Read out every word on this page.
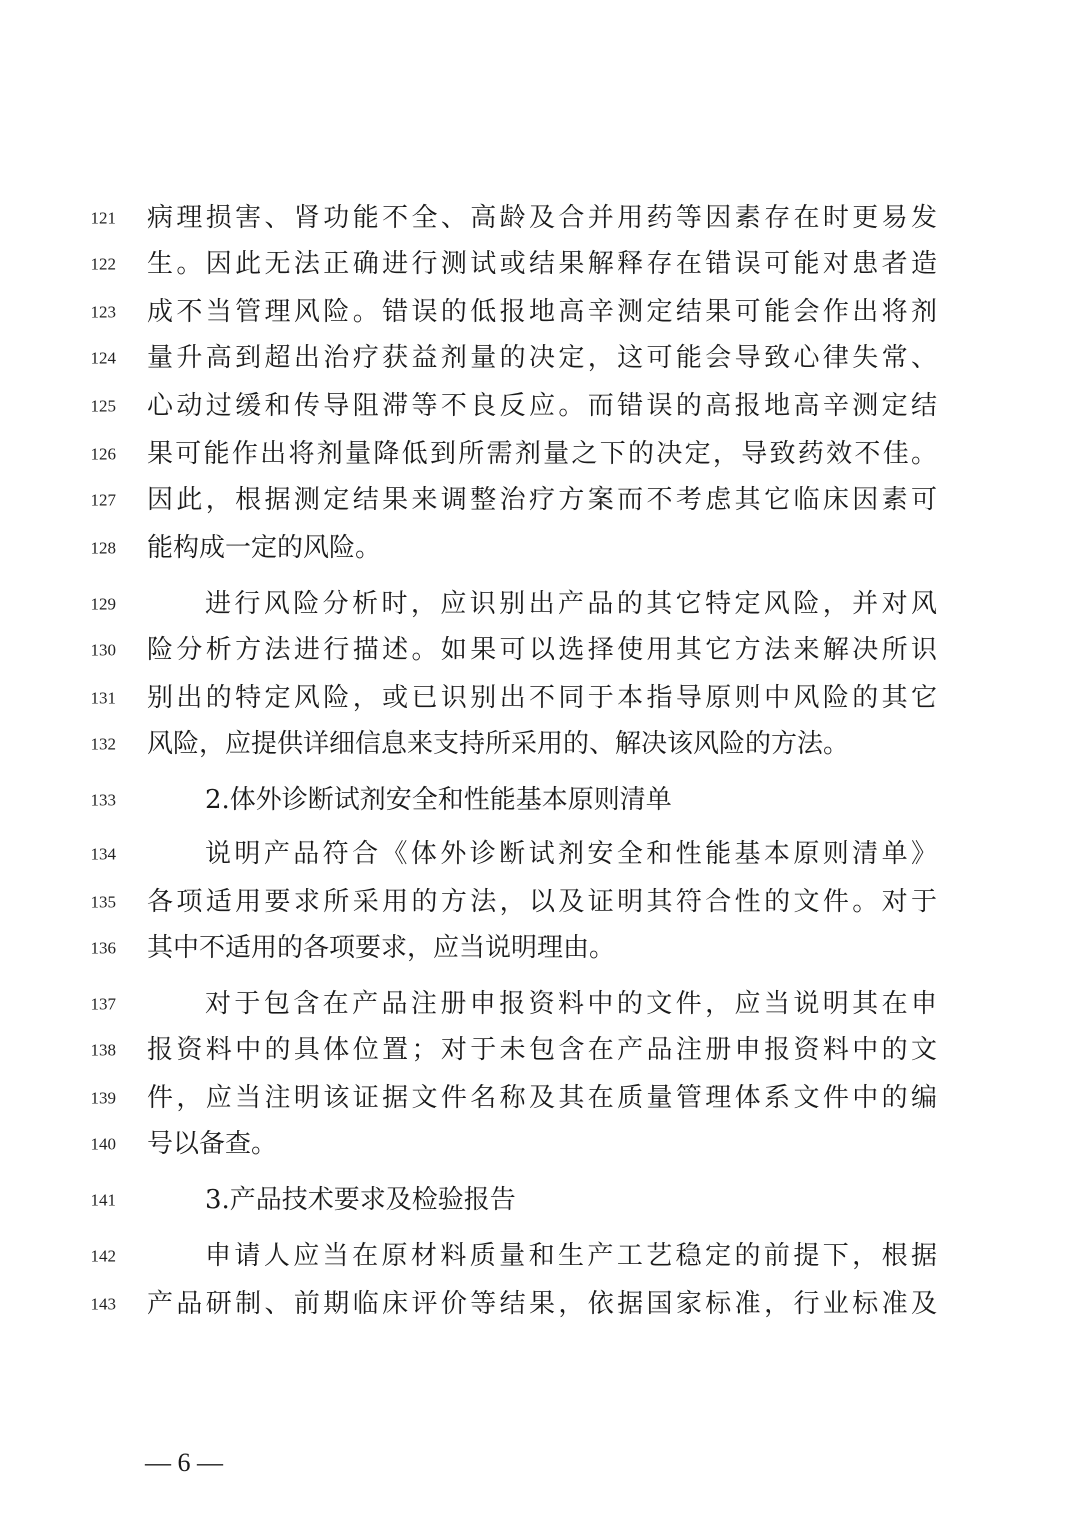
121 病理损害、肾功能不全、高龄及合并用药等因素存在时更易发
122 生。因此无法正确进行测试或结果解释存在错误可能对患者造
123 成不当管理风险。错误的低报地高辛测定结果可能会作出将剂
124 量升高到超出治疗获益剂量的决定，这可能会导致心律失常、
125 心动过缓和传导阻滞等不良反应。而错误的高报地高辛测定结
126 果可能作出将剂量降低到所需剂量之下的决定，导致药效不佳。
127 因此，根据测定结果来调整治疗方案而不考虑其它临床因素可
128 能构成一定的风险。
129	进行风险分析时，应识别出产品的其它特定风险，并对风
130 险分析方法进行描述。如果可以选择使用其它方法来解决所识
131 别出的特定风险，或已识别出不同于本指导原则中风险的其它
132 风险，应提供详细信息来支持所采用的、解决该风险的方法。
133	2.体外诊断试剂安全和性能基本原则清单
134	说明产品符合《体外诊断试剂安全和性能基本原则清单》
135 各项适用要求所采用的方法，以及证明其符合性的文件。对于
136 其中不适用的各项要求，应当说明理由。
137	对于包含在产品注册申报资料中的文件，应当说明其在申
138 报资料中的具体位置；对于未包含在产品注册申报资料中的文
139 件，应当注明该证据文件名称及其在质量管理体系文件中的编
140 号以备查。
141	3.产品技术要求及检验报告
142	申请人应当在原材料质量和生产工艺稳定的前提下，根据
143 产品研制、前期临床评价等结果，依据国家标准，行业标准及
— 6 —
